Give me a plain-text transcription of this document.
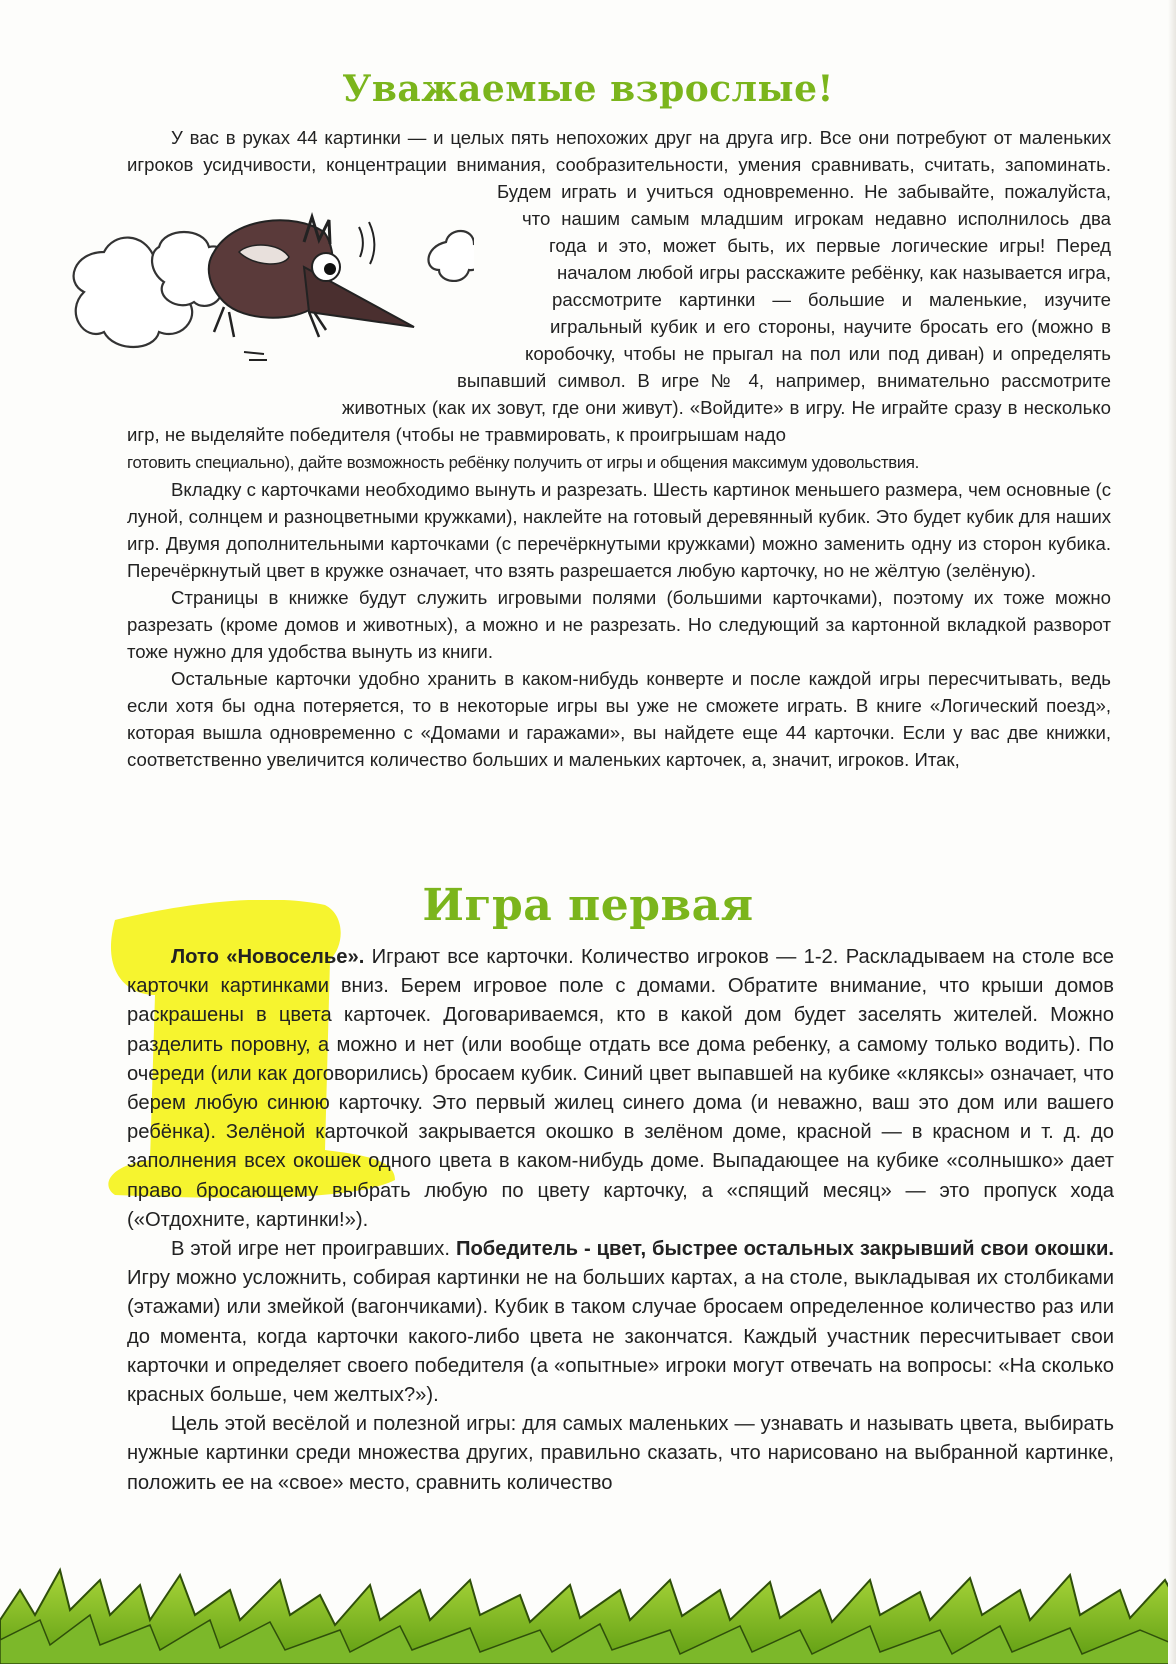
Уважаемые взрослые!

У вас в руках 44 картинки — и целых пять непохожих друг на друга игр. Все они потребуют от маленьких игроков усидчивости, концентрации внимания, сообразительности, умения сравнивать, считать, запоминать. Будем играть и учиться одновременно. Не забывайте, пожалуйста, что нашим самым младшим игрокам недавно исполнилось два года и это, может быть, их первые логические игры! Перед началом любой игры расскажите ребёнку, как называется игра, рассмотрите картинки — большие и маленькие, изучите игральный кубик и его стороны, научите бросать его (можно в коробочку, чтобы не прыгал на пол или под диван) и определять выпавший символ. В игре № 4, например, внимательно рассмотрите животных (как их зовут, где они живут). «Войдите» в игру. Не играйте сразу в несколько игр, не выделяйте победителя (чтобы не травмировать, к проигрышам надо
готовить специально), дайте возможность ребёнку получить от игры и общения максимум удовольствия.

Вкладку с карточками необходимо вынуть и разрезать. Шесть картинок меньшего размера, чем основные (с луной, солнцем и разноцветными кружками), наклейте на готовый деревянный кубик. Это будет кубик для наших игр. Двумя дополнительными карточками (с перечёркнутыми кружками) можно заменить одну из сторон кубика. Перечёркнутый цвет в кружке означает, что взять разрешается любую карточку, но не жёлтую (зелёную).

Страницы в книжке будут служить игровыми полями (большими карточками), поэтому их тоже можно разрезать (кроме домов и животных), а можно и не разрезать. Но следующий за картонной вкладкой разворот тоже нужно для удобства вынуть из книги.

Остальные карточки удобно хранить в каком-нибудь конверте и после каждой игры пересчитывать, ведь если хотя бы одна потеряется, то в некоторые игры вы уже не сможете играть. В книге «Логический поезд», которая вышла одновременно с «Домами и гаражами», вы найдете еще 44 карточки. Если у вас две книжки, соответственно увеличится количество больших и маленьких карточек, а, значит, игроков. Итак,

Игра первая

Лото «Новоселье». Играют все карточки. Количество игроков — 1-2. Раскладываем на столе все карточки картинками вниз. Берем игровое поле с домами. Обратите внимание, что крыши домов раскрашены в цвета карточек. Договариваемся, кто в какой дом будет заселять жителей. Можно разделить поровну, а можно и нет (или вообще отдать все дома ребенку, а самому только водить). По очереди (или как договорились) бросаем кубик. Синий цвет выпавшей на кубике «кляксы» означает, что берем любую синюю карточку. Это первый жилец синего дома (и неважно, ваш это дом или вашего ребёнка). Зелёной карточкой закрывается окошко в зелёном доме, красной — в красном и т. д. до заполнения всех окошек одного цвета в каком-нибудь доме. Выпадающее на кубике «солнышко» дает право бросающему выбрать любую по цвету карточку, а «спящий месяц» — это пропуск хода («Отдохните, картинки!»).

В этой игре нет проигравших. Победитель - цвет, быстрее остальных закрывший свои окошки. Игру можно усложнить, собирая картинки не на больших картах, а на столе, выкладывая их столбиками (этажами) или змейкой (вагончиками). Кубик в таком случае бросаем определенное количество раз или до момента, когда карточки какого-либо цвета не закончатся. Каждый участник пересчитывает свои карточки и определяет своего победителя (а «опытные» игроки могут отвечать на вопросы: «На сколько красных больше, чем желтых?»).

Цель этой весёлой и полезной игры: для самых маленьких — узнавать и называть цвета, выбирать нужные картинки среди множества других, правильно сказать, что нарисовано на выбранной картинке, положить ее на «свое» место, сравнить количество
